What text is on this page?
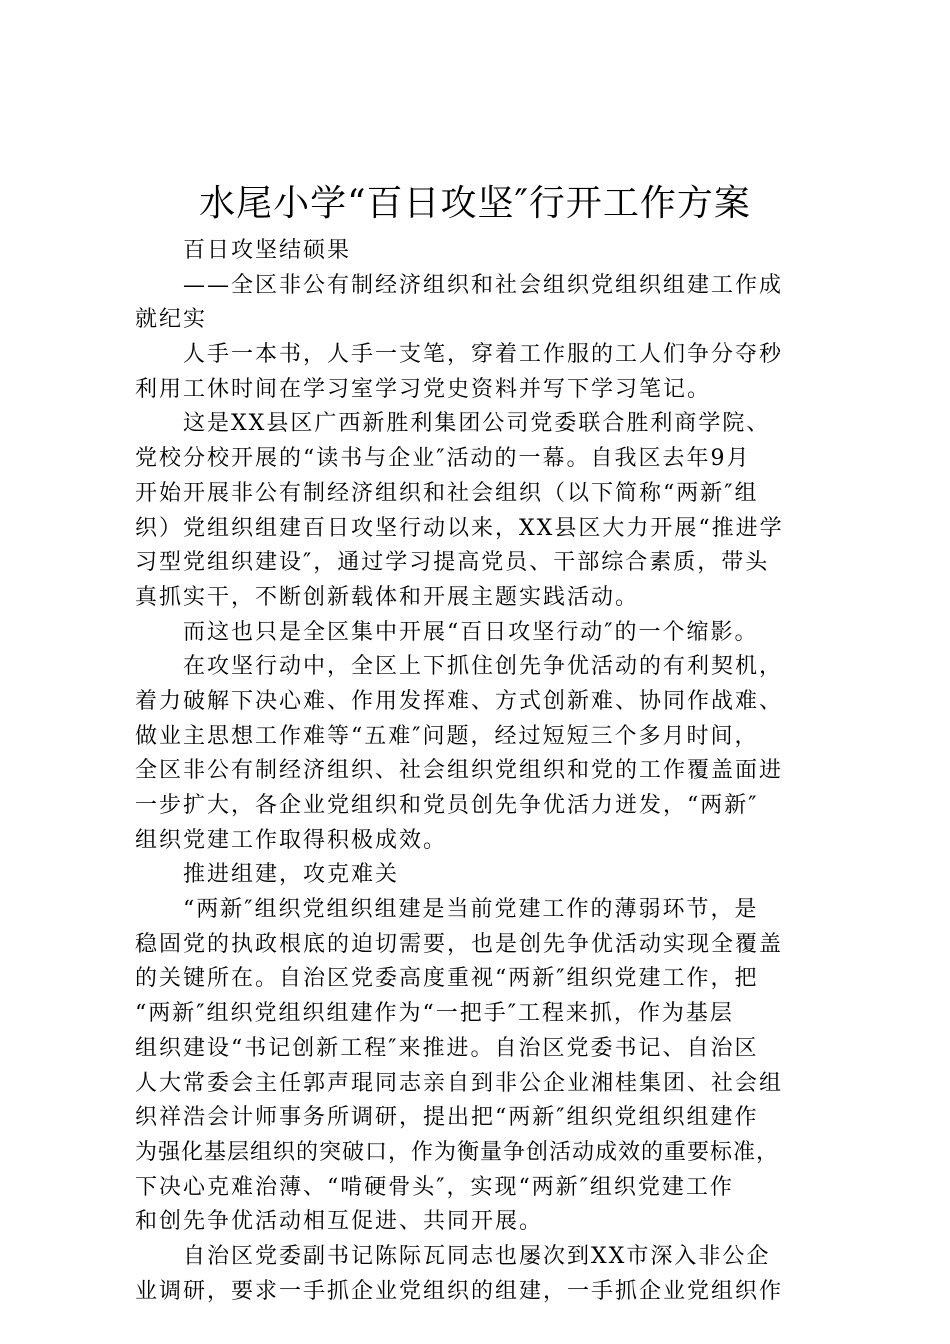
水尾小学“百日攻坚″行开工作方案
百日攻坚结硕果
——全区非公有制经济组织和社会组织党组织组建工作成
就纪实
人手一本书，人手一支笔，穿着工作服的工人们争分夺秒
利用工休时间在学习室学习党史资料并写下学习笔记。
这是XX县区广西新胜利集团公司党委联合胜利商学院、
党校分校开展的“读书与企业″活动的一幕。自我区去年9月
开始开展非公有制经济组织和社会组织（以下简称“两新″组
织）党组织组建百日攻坚行动以来，XX县区大力开展“推进学
习型党组织建设″，通过学习提高党员、干部综合素质，带头
真抓实干，不断创新载体和开展主题实践活动。
而这也只是全区集中开展“百日攻坚行动″的一个缩影。
在攻坚行动中，全区上下抓住创先争优活动的有利契机，
着力破解下决心难、作用发挥难、方式创新难、协同作战难、
做业主思想工作难等“五难″问题，经过短短三个多月时间，
全区非公有制经济组织、社会组织党组织和党的工作覆盖面进
一步扩大，各企业党组织和党员创先争优活力迸发，“两新″
组织党建工作取得积极成效。
推进组建，攻克难关
“两新″组织党组织组建是当前党建工作的薄弱环节，是
稳固党的执政根底的迫切需要，也是创先争优活动实现全覆盖
的关键所在。自治区党委高度重视“两新″组织党建工作，把
“两新″组织党组织组建作为“一把手″工程来抓，作为基层
组织建设“书记创新工程″来推进。自治区党委书记、自治区
人大常委会主任郭声琨同志亲自到非公企业湘桂集团、社会组
织祥浩会计师事务所调研，提出把“两新″组织党组织组建作
为强化基层组织的突破口，作为衡量争创活动成效的重要标准，
下决心克难治薄、“啃硬骨头″，实现“两新″组织党建工作
和创先争优活动相互促进、共同开展。
自治区党委副书记陈际瓦同志也屡次到XX市深入非公企
业调研，要求一手抓企业党组织的组建，一手抓企业党组织作
